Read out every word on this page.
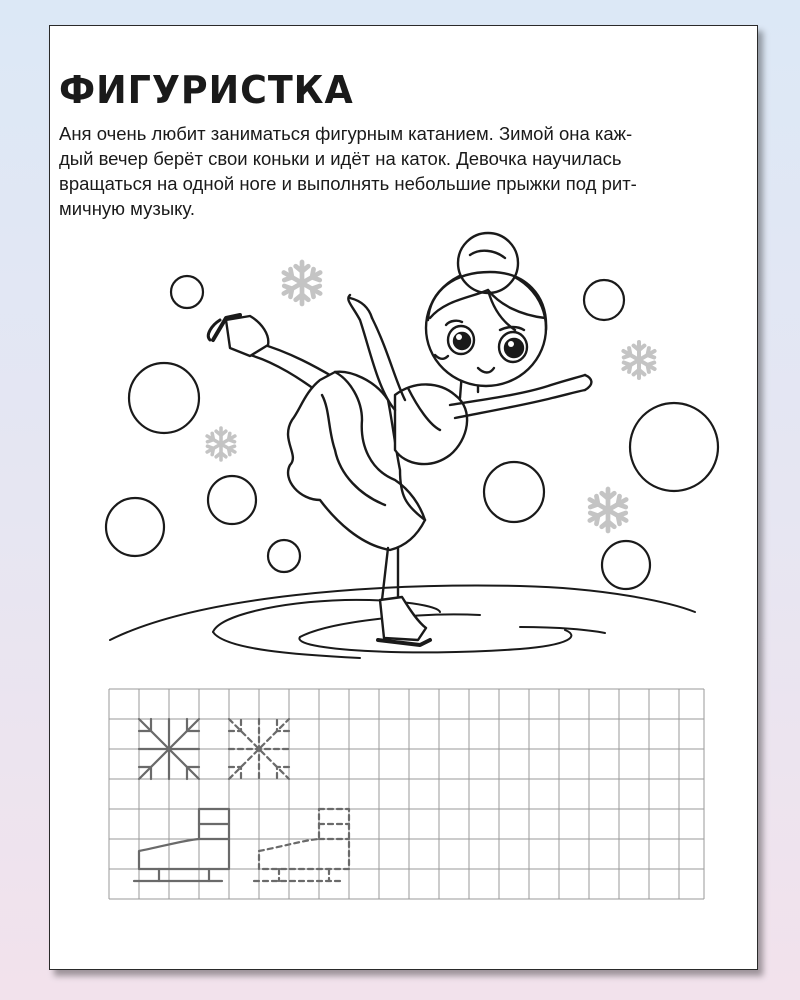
ФИГУРИСТКА

Аня очень любит заниматься фигурным катанием. Зимой она каж-
дый вечер берёт свои коньки и идёт на каток. Девочка научилась
вращаться на одной ноге и выполнять небольшие прыжки под рит-
мичную музыку.
